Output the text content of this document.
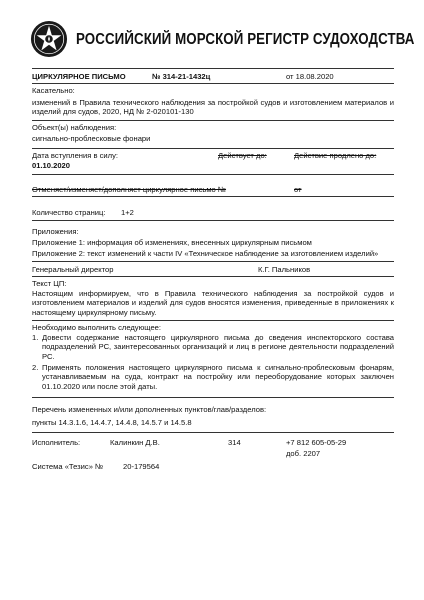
РОССИЙСКИЙ МОРСКОЙ РЕГИСТР СУДОХОДСТВА
ЦИРКУЛЯРНОЕ ПИСЬМО	№ 314-21-1432ц	от 18.08.2020
Касательно:
изменений в Правила технического наблюдения за постройкой судов и изготовлением материалов и изделий для судов, 2020, НД № 2-020101-130
Объект(ы) наблюдения:
сигнально-проблесковые фонари
Дата вступления в силу:
01.10.2020
Действует до:	Действие продлено до:
Отменяет/изменяет/дополняет циркулярное письмо №	от
Количество страниц: 1+2
Приложения:
Приложение 1: информация об изменениях, внесенных циркулярным письмом
Приложение 2: текст изменений к части IV «Техническое наблюдение за изготовлением изделий»
Генеральный директор	К.Г. Пальников
Текст ЦП:
Настоящим информируем, что в Правила технического наблюдения за постройкой судов и изготовлением материалов и изделий для судов вносятся изменения, приведенные в приложениях к настоящему циркулярному письму.
Необходимо выполнить следующее:
1. Довести содержание настоящего циркулярного письма до сведения инспекторского состава подразделений РС, заинтересованных организаций и лиц в регионе деятельности подразделений РС.
2. Применять положения настоящего циркулярного письма к сигнально-проблесковым фонарям, устанавливаемым на суда, контракт на постройку или переоборудование которых заключен 01.10.2020 или после этой даты.
Перечень измененных и/или дополненных пунктов/глав/разделов:
пункты 14.3.1.6, 14.4.7, 14.4.8, 14.5.7 и 14.5.8
Исполнитель:	Калинкин Д.В.	314	+7 812 605-05-29
доб. 2207
Система «Тезис» №	20-179564
